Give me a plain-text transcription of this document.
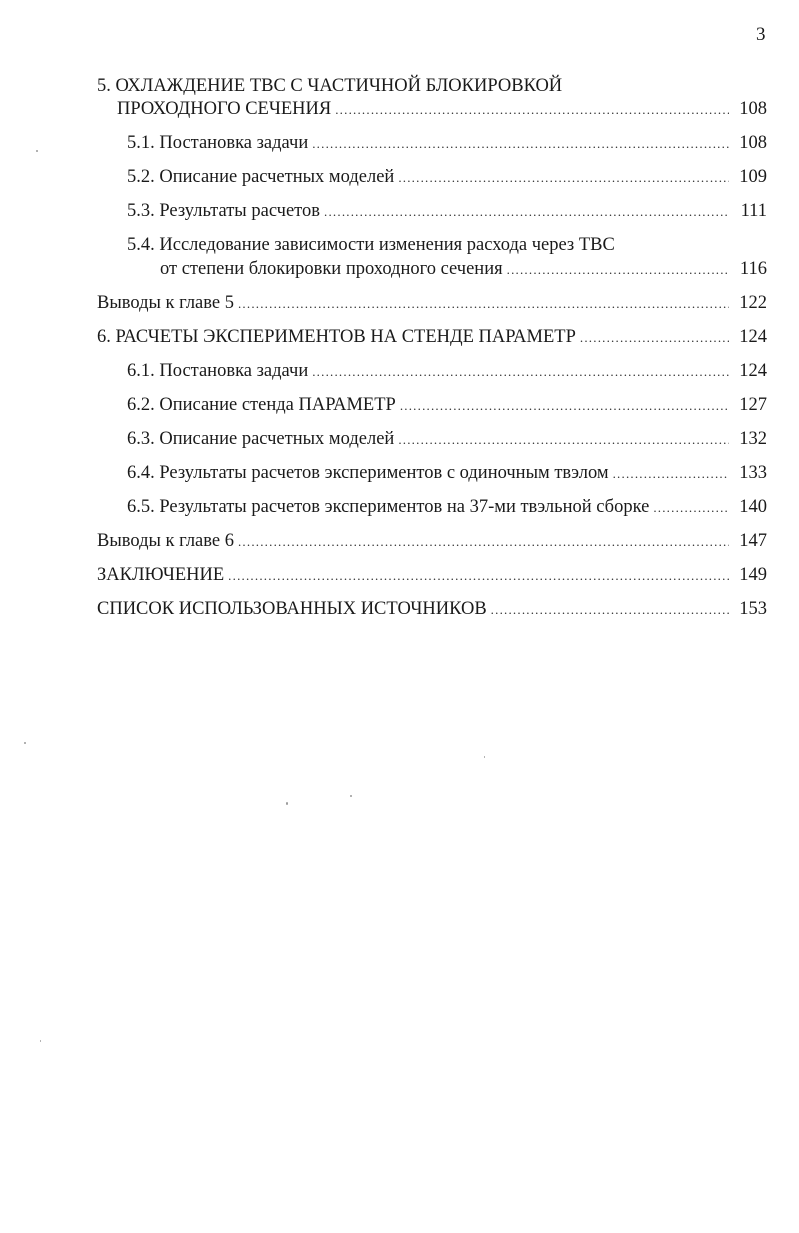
3
5. ОХЛАЖДЕНИЕ ТВС С ЧАСТИЧНОЙ БЛОКИРОВКОЙ
ПРОХОДНОГО СЕЧЕНИЯ .....	108
5.1. Постановка задачи .....	108
5.2. Описание расчетных моделей .....	109
5.3. Результаты расчетов .....	111
5.4. Исследование зависимости изменения расхода через ТВС
от степени блокировки проходного сечения .....	116
Выводы к главе 5 .....	122
6. РАСЧЕТЫ ЭКСПЕРИМЕНТОВ НА СТЕНДЕ ПАРАМЕТР .....	124
6.1. Постановка задачи .....	124
6.2. Описание стенда ПАРАМЕТР .....	127
6.3. Описание расчетных моделей .....	132
6.4. Результаты расчетов экспериментов с одиночным твэлом .....	133
6.5. Результаты расчетов экспериментов на 37-ми твэльной сборке .....	140
Выводы к главе 6 .....	147
ЗАКЛЮЧЕНИЕ .....	149
СПИСОК ИСПОЛЬЗОВАННЫХ ИСТОЧНИКОВ .....	153
